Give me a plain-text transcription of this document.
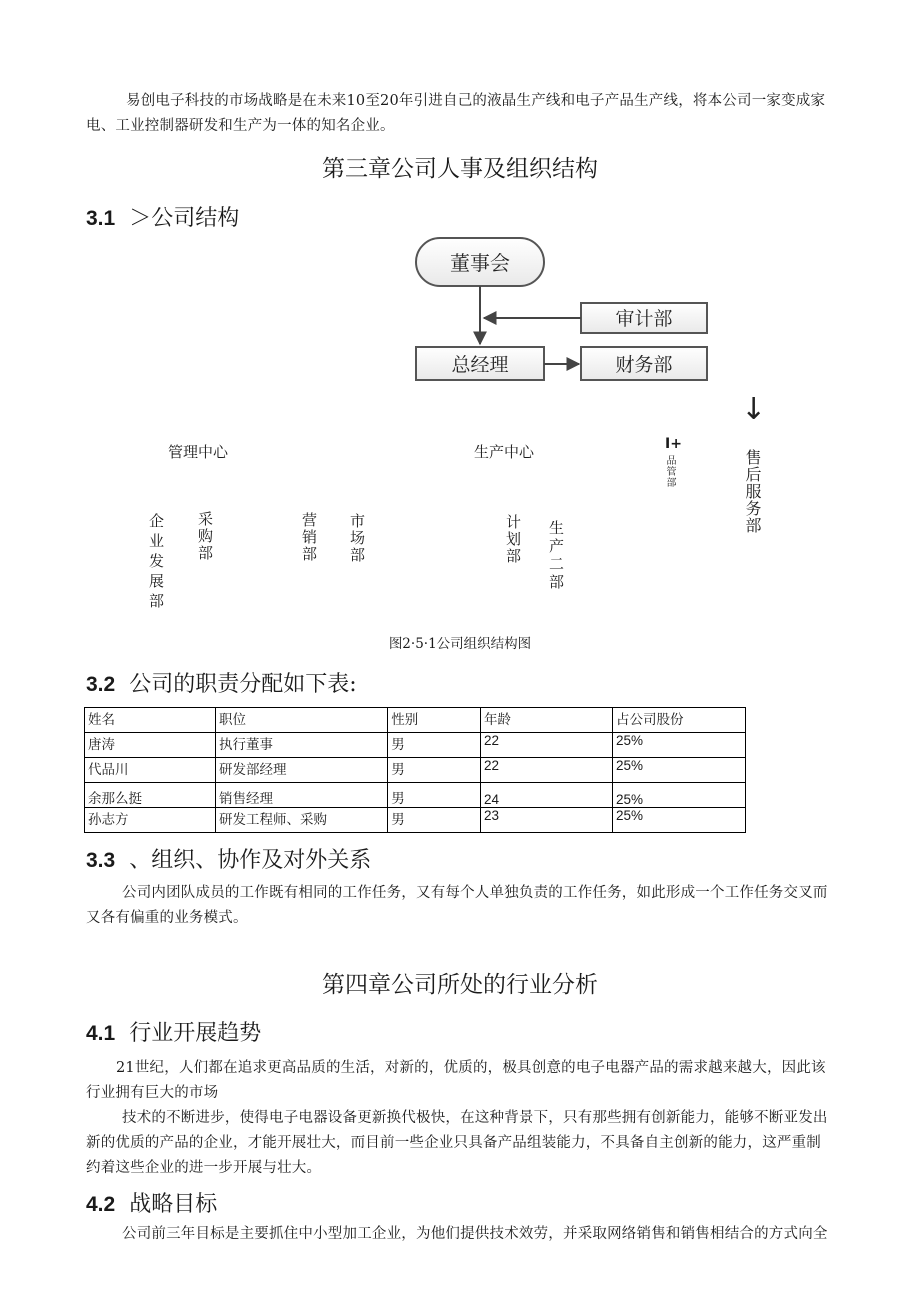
易创电子科技的市场战略是在未来10至20年引进自己的液晶生产线和电子产品生产线，将本公司一家变成家电、工业控制器研发和生产为一体的知名企业。
第三章公司人事及组织结构
3.1 ＞公司结构
董事会
审计部
总经理	财务部
↓
管理中心	生产中心	I+
品管部	售后服务部
企业发展部 采购部	营销部 市场部	计划部 生产二部
图2·5·1公司组织结构图
3.2 公司的职责分配如下表:
姓名	职位	性别	年龄	占公司股份
唐涛	执行董事	男	22	25%
代品川	研发部经理	男	22	25%
余那么挺	销售经理	男	24	25%
孙志方	研发工程师、采购	男	23	25%
3.3 、组织、协作及对外关系
公司内团队成员的工作既有相同的工作任务，又有每个人单独负责的工作任务，如此形成一个工作任务交叉而又各有偏重的业务模式。
第四章公司所处的行业分析
4.1 行业开展趋势
21世纪，人们都在追求更高品质的生活，对新的，优质的，极具创意的电子电器产品的需求越来越大，因此该行业拥有巨大的市场
技术的不断进步，使得电子电器设备更新换代极快，在这种背景下，只有那些拥有创新能力，能够不断亚发出新的优质的产品的企业，才能开展壮大，而目前一些企业只具备产品组装能力，不具备自主创新的能力，这严重制约着这些企业的进一步开展与壮大。
4.2 战略目标
公司前三年目标是主要抓住中小型加工企业，为他们提供技术效劳，并采取网络销售和销售相结合的方式向全
